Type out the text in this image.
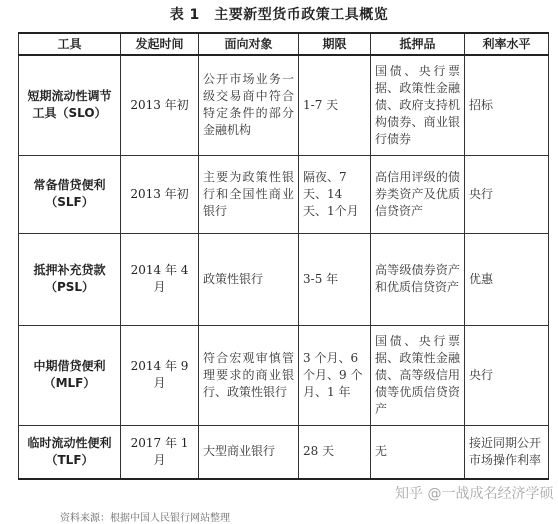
表 1　主要新型货币政策工具概览
工具	发起时间	面向对象	期限	抵押品	利率水平
短期流动性调节工具（SLO）	2013 年初	公开市场业务一级交易商中符合特定条件的部分金融机构	1-7 天	国债、央行票据、政策性金融债、政府支持机构债券、商业银行债券	招标
常备借贷便利（SLF）	2013 年初	主要为政策性银行和全国性商业银行	隔夜、7天、14天、1个月	高信用评级的债券类资产及优质信贷资产	央行
抵押补充贷款（PSL）	2014 年 4 月	政策性银行	3-5 年	高等级债券资产和优质信贷资产	优惠
中期借贷便利（MLF）	2014 年 9 月	符合宏观审慎管理要求的商业银行、政策性银行	3 个月、6 个月、9 个月、1 年	国债、央行票据、政策性金融债、高等级信用债等优质信贷资产	央行
临时流动性便利（TLF）	2017 年 1 月	大型商业银行	28 天	无	接近同期公开市场操作利率
知乎 @一战成名经济学硕
资料来源：根据中国人民银行网站整理
